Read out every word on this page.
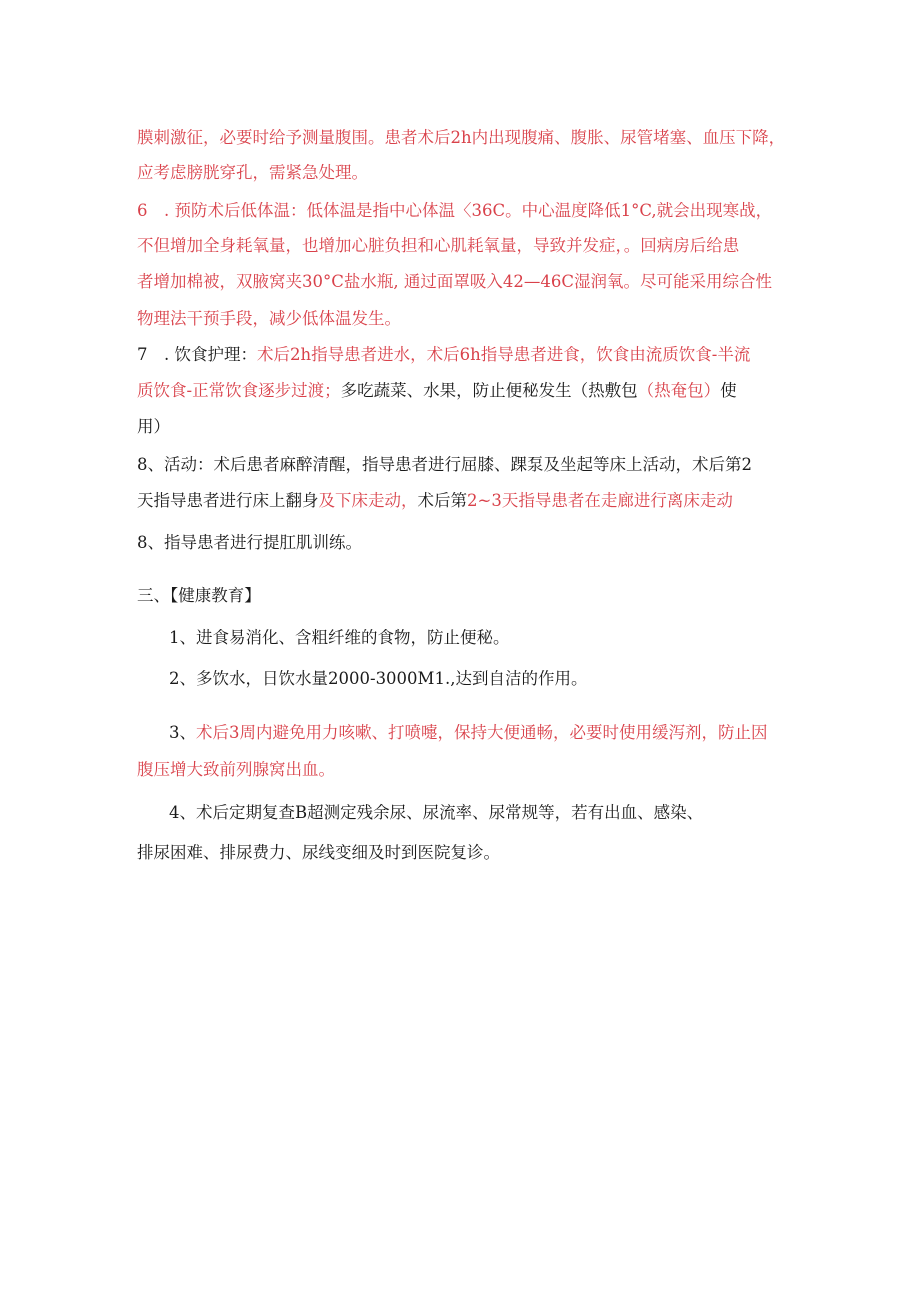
膜刺激征，必要时给予测量腹围。患者术后2h内出现腹痛、腹胀、尿管堵塞、血压下降，
应考虑膀胱穿孔，需紧急处理。
6　. 预防术后低体温：低体温是指中心体温〈36C。中心温度降低1°C,就会出现寒战，
不但增加全身耗氧量，也增加心脏负担和心肌耗氧量，导致并发症，。回病房后给患
者增加棉被，双腋窝夹30°C盐水瓶, 通过面罩吸入42—46C湿润氧。尽可能采用综合性
物理法干预手段，减少低体温发生。
7　. 饮食护理：术后2h指导患者进水，术后6h指导患者进食，饮食由流质饮食-半流
质饮食-正常饮食逐步过渡；多吃蔬菜、水果，防止便秘发生（热敷包（热奄包）使
用）
8、活动：术后患者麻醉清醒，指导患者进行屈膝、踝泵及坐起等床上活动，术后第2
天指导患者进行床上翻身及下床走动，术后第2~3天指导患者在走廊进行离床走动
8、指导患者进行提肛肌训练。
三、【健康教育】
1、进食易消化、含粗纤维的食物，防止便秘。
2、多饮水，日饮水量2000-3000M1.,达到自洁的作用。
3、术后3周内避免用力咳嗽、打喷嚏，保持大便通畅，必要时使用缓泻剂，防止因
腹压增大致前列腺窝出血。
4、术后定期复查B超测定残余尿、尿流率、尿常规等，若有出血、感染、
排尿困难、排尿费力、尿线变细及时到医院复诊。
